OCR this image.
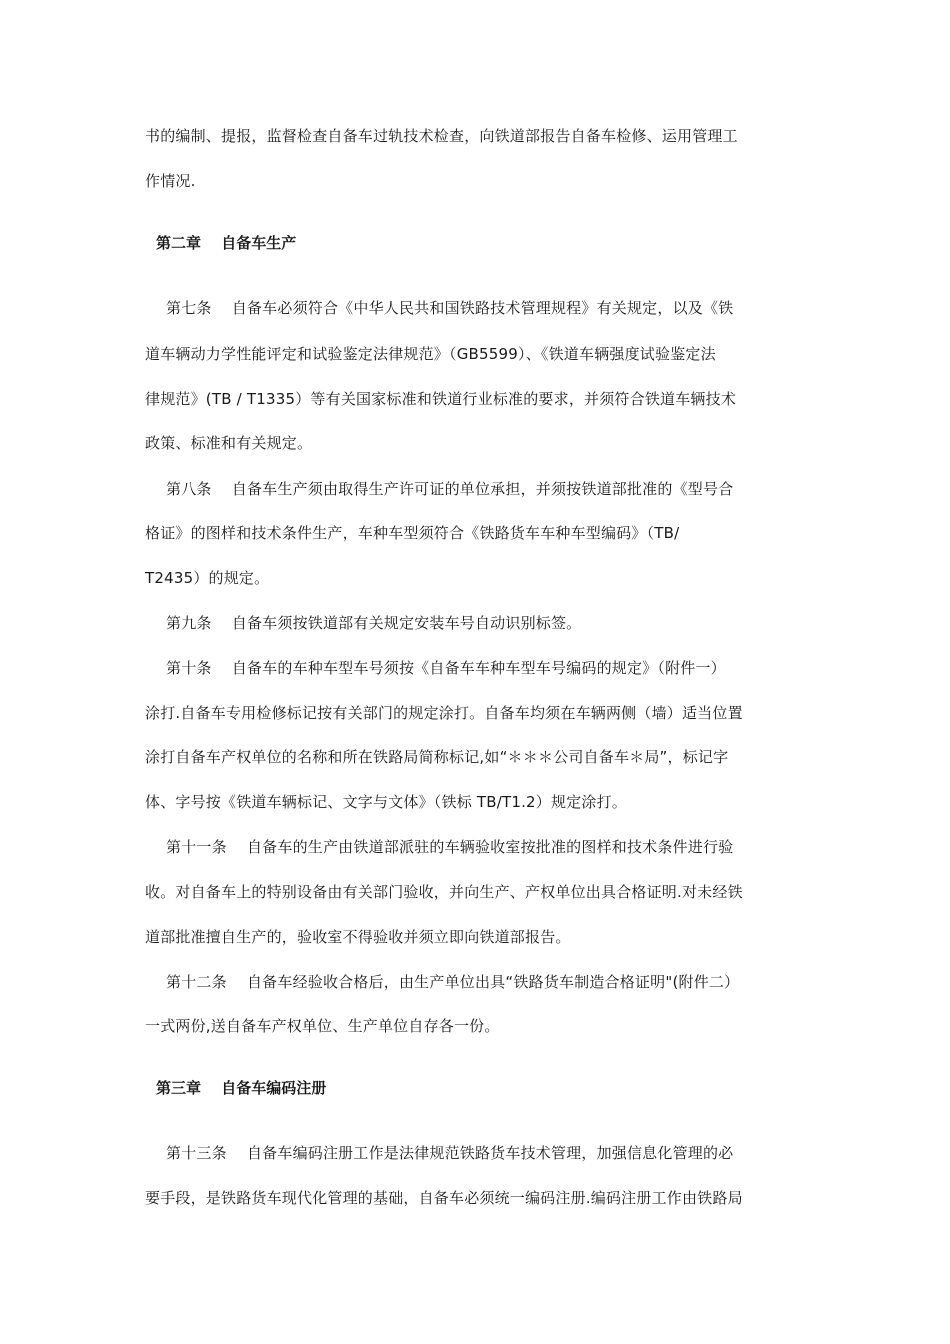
书的编制、提报，监督检查自备车过轨技术检查，向铁道部报告自备车检修、运用管理工
作情况.
第二章　 自备车生产
第七条　 自备车必须符合《中华人民共和国铁路技术管理规程》有关规定，以及《铁
道车辆动力学性能评定和试验鉴定法律规范》（GB5599）、《铁道车辆强度试验鉴定法
律规范》(TB / T1335）等有关国家标准和铁道行业标准的要求，并须符合铁道车辆技术
政策、标准和有关规定。
第八条　 自备车生产须由取得生产许可证的单位承担，并须按铁道部批准的《型号合
格证》的图样和技术条件生产，车种车型须符合《铁路货车车种车型编码》（TB/
T2435）的规定。
第九条　 自备车须按铁道部有关规定安装车号自动识别标签。
第十条　 自备车的车种车型车号须按《自备车车种车型车号编码的规定》（附件一）
涂打.自备车专用检修标记按有关部门的规定涂打。自备车均须在车辆两侧（墙）适当位置
涂打自备车产权单位的名称和所在铁路局简称标记,如“＊＊＊公司自备车＊局”，标记字
体、字号按《铁道车辆标记、文字与文体》（铁标 TB/T1.2）规定涂打。
第十一条　 自备车的生产由铁道部派驻的车辆验收室按批准的图样和技术条件进行验
收。对自备车上的特别设备由有关部门验收，并向生产、产权单位出具合格证明.对未经铁
道部批准擅自生产的，验收室不得验收并须立即向铁道部报告。
第十二条　 自备车经验收合格后，由生产单位出具“铁路货车制造合格证明"(附件二）
一式两份,送自备车产权单位、生产单位自存各一份。
第三章　 自备车编码注册
第十三条　 自备车编码注册工作是法律规范铁路货车技术管理，加强信息化管理的必
要手段，是铁路货车现代化管理的基础，自备车必须统一编码注册.编码注册工作由铁路局
